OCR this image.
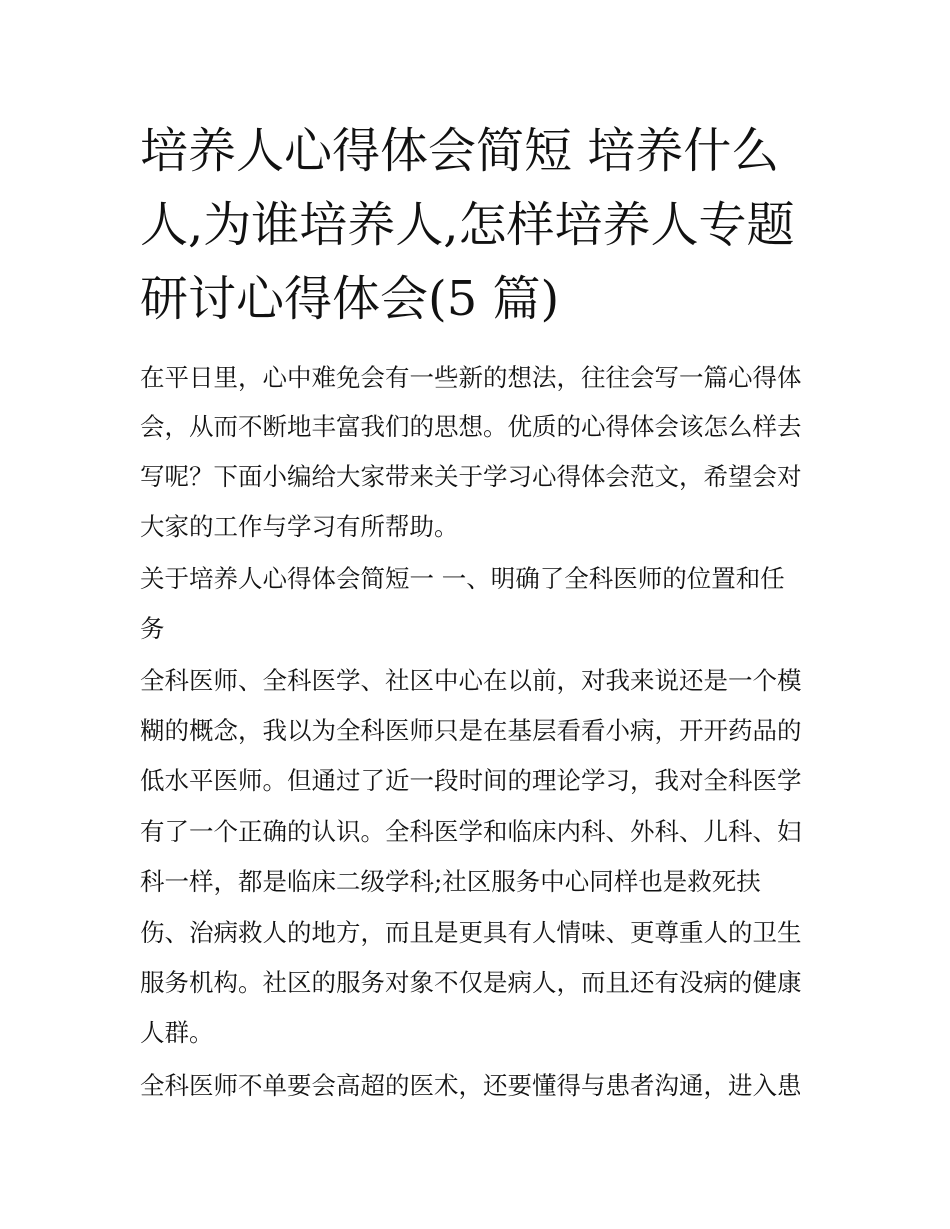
培养人心得体会简短 培养什么
人,为谁培养人,怎样培养人专题
研讨心得体会(5 篇)
在平日里，心中难免会有一些新的想法，往往会写一篇心得体
会，从而不断地丰富我们的思想。优质的心得体会该怎么样去
写呢？下面小编给大家带来关于学习心得体会范文，希望会对
大家的工作与学习有所帮助。
关于培养人心得体会简短一 一、明确了全科医师的位置和任
务
全科医师、全科医学、社区中心在以前，对我来说还是一个模
糊的概念，我以为全科医师只是在基层看看小病，开开药品的
低水平医师。但通过了近一段时间的理论学习，我对全科医学
有了一个正确的认识。全科医学和临床内科、外科、儿科、妇
科一样，都是临床二级学科;社区服务中心同样也是救死扶
伤、治病救人的地方，而且是更具有人情味、更尊重人的卫生
服务机构。社区的服务对象不仅是病人，而且还有没病的健康
人群。
全科医师不单要会高超的医术，还要懂得与患者沟通，进入患
